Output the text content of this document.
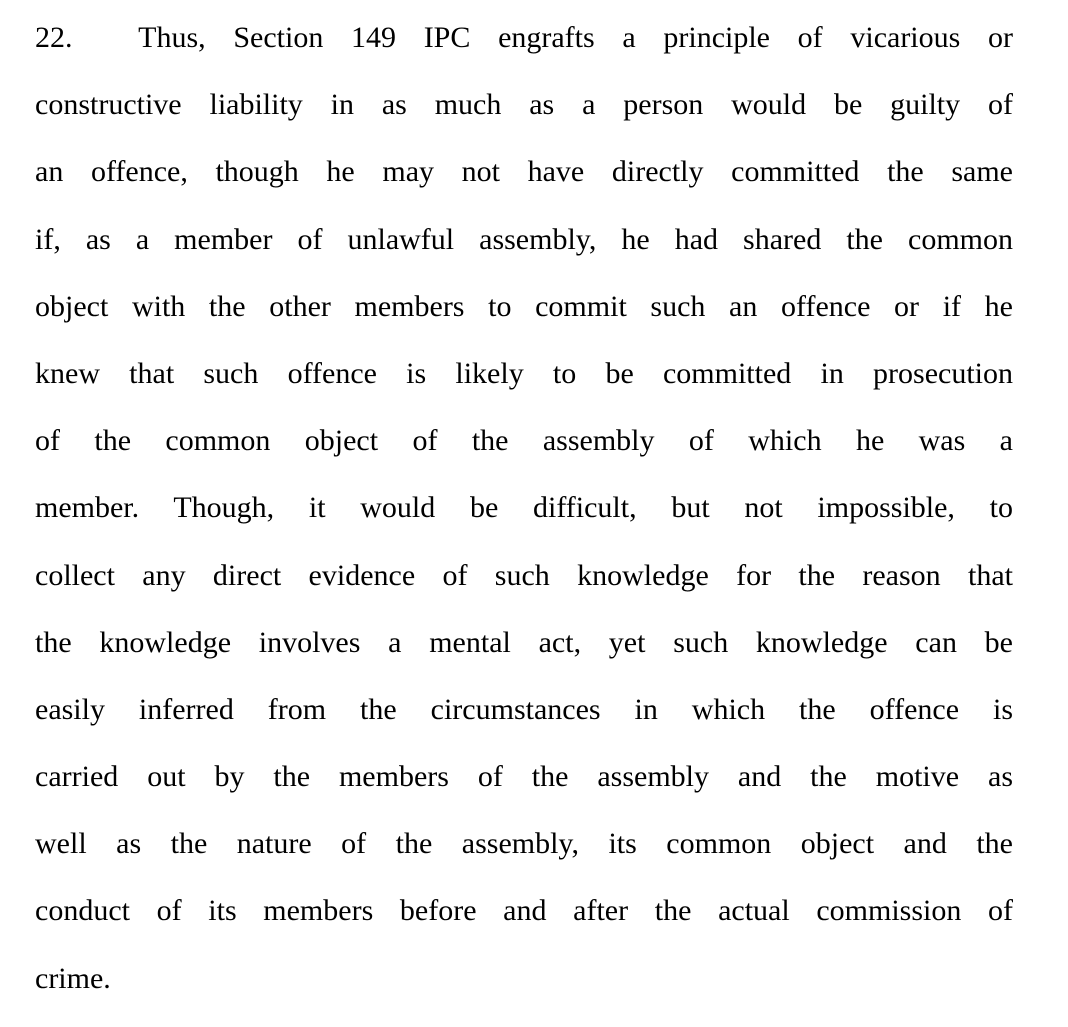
22. Thus, Section 149 IPC engrafts a principle of vicarious or
constructive liability in as much as a person would be guilty of
an offence, though he may not have directly committed the same
if, as a member of unlawful assembly, he had shared the common
object with the other members to commit such an offence or if he
knew that such offence is likely to be committed in prosecution
of the common object of the assembly of which he was a
member. Though, it would be difficult, but not impossible, to
collect any direct evidence of such knowledge for the reason that
the knowledge involves a mental act, yet such knowledge can be
easily inferred from the circumstances in which the offence is
carried out by the members of the assembly and the motive as
well as the nature of the assembly, its common object and the
conduct of its members before and after the actual commission of
crime.
